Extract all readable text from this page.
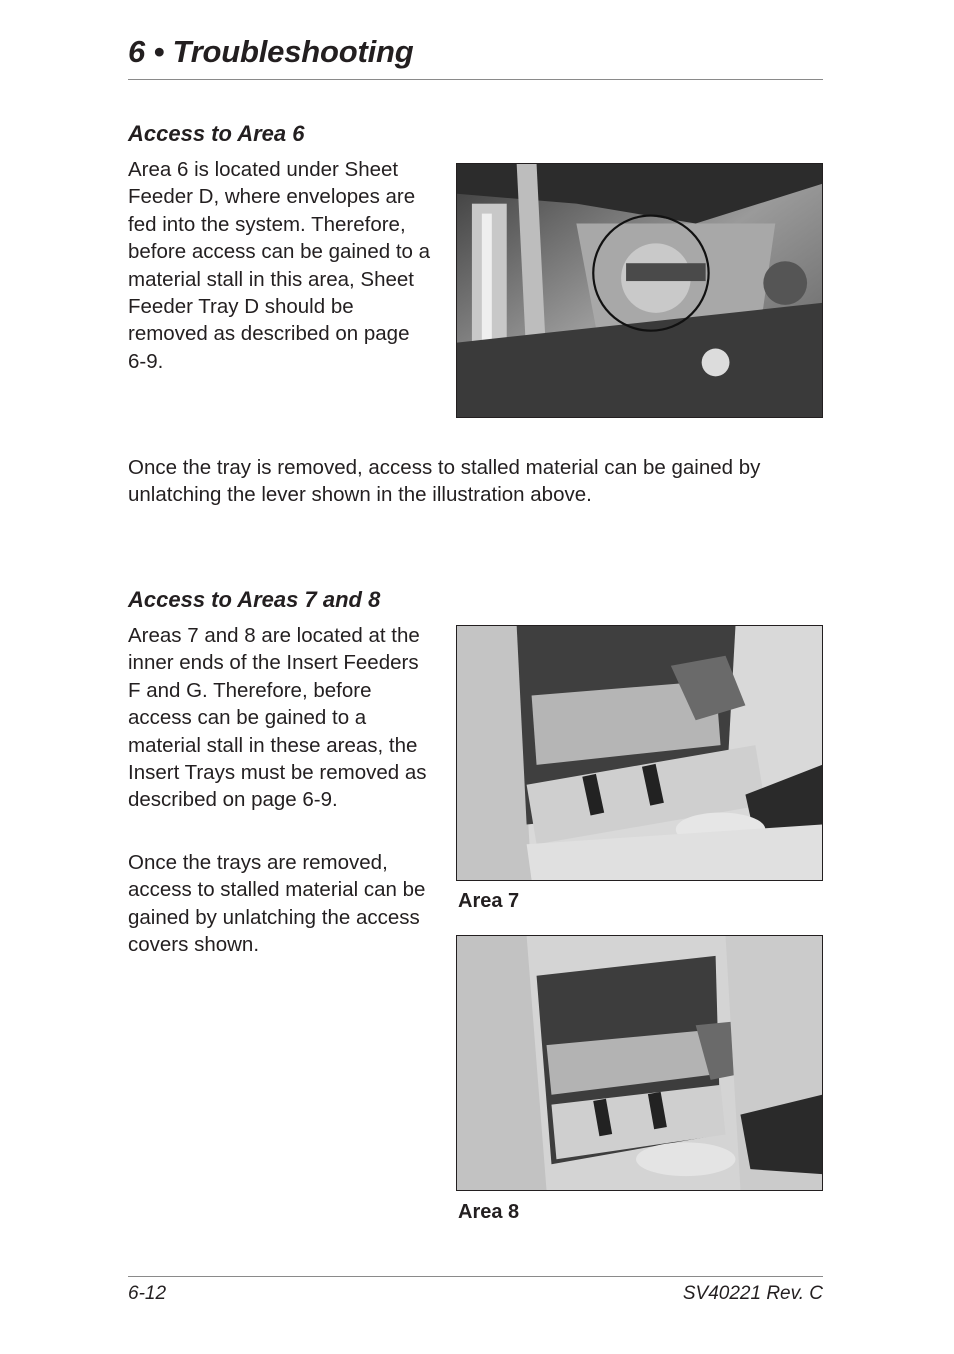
6 • Troubleshooting
Access to Area 6

Area 6 is located under Sheet Feeder D, where envelopes are fed into the system. Therefore, before access can be gained to a material stall in this area, Sheet Feeder Tray D should be removed as described on page 6-9.

Once the tray is removed, access to stalled material can be gained by unlatching the lever shown in the illustration above.

Access to Areas 7 and 8

Areas 7 and 8 are located at the inner ends of the Insert Feeders F and G. Therefore, before access can be gained to a material stall in these areas, the Insert Trays must be removed as described on page 6-9.

Once the trays are removed, access to stalled material can be gained by unlatching the access covers shown.

Area 7

Area 8

6-12	SV40221 Rev. C
